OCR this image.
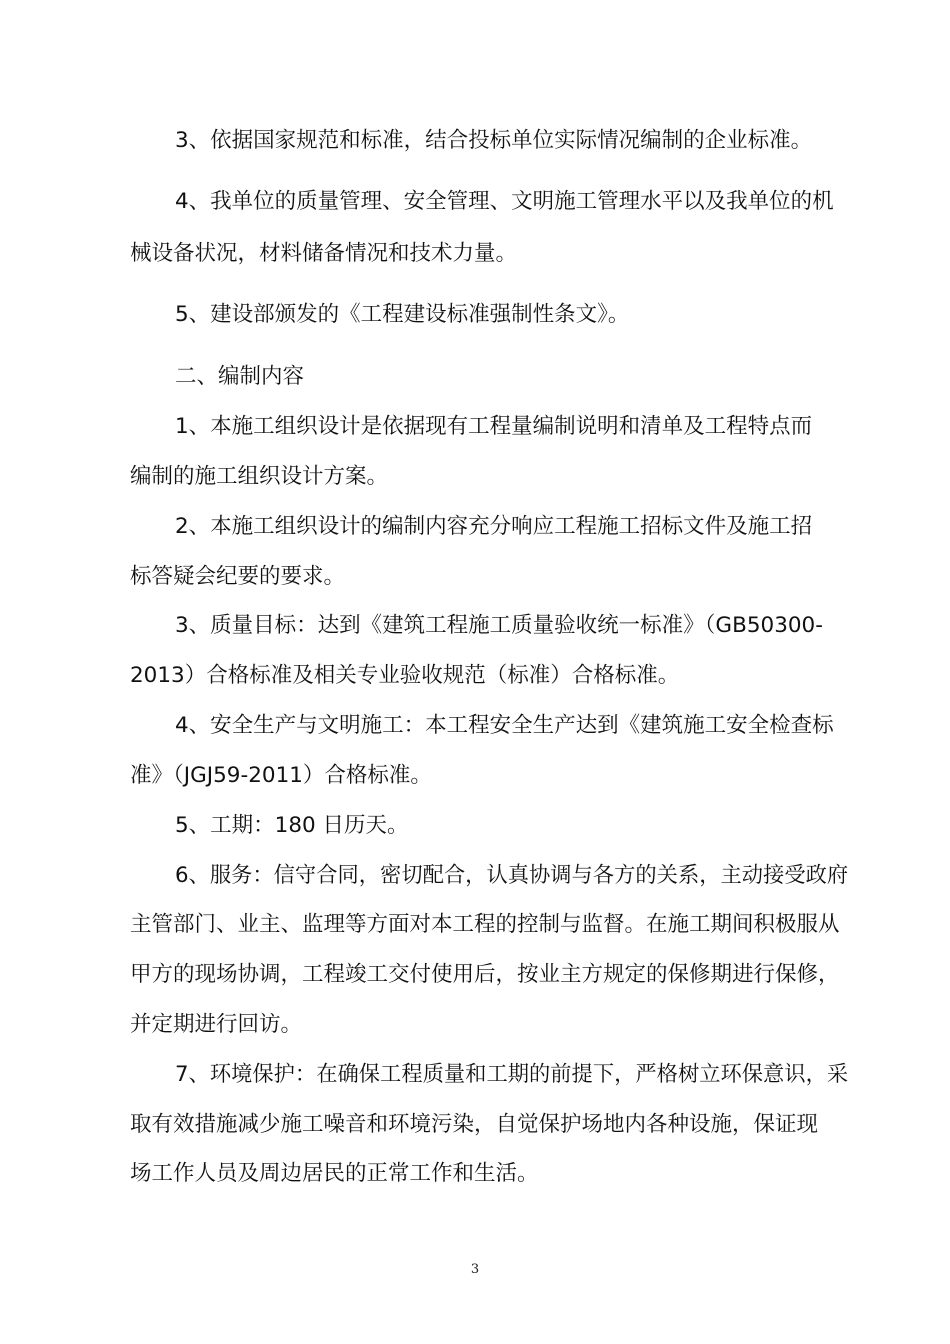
3、依据国家规范和标准，结合投标单位实际情况编制的企业标准。
4、我单位的质量管理、安全管理、文明施工管理水平以及我单位的机
械设备状况，材料储备情况和技术力量。
5、建设部颁发的《工程建设标准强制性条文》。
二、编制内容
1、本施工组织设计是依据现有工程量编制说明和清单及工程特点而
编制的施工组织设计方案。
2、本施工组织设计的编制内容充分响应工程施工招标文件及施工招
标答疑会纪要的要求。
3、质量目标：达到《建筑工程施工质量验收统一标准》（GB50300-
2013）合格标准及相关专业验收规范（标准）合格标准。
4、安全生产与文明施工：本工程安全生产达到《建筑施工安全检查标
准》（JGJ59-2011）合格标准。
5、工期：180 日历天。
6、服务：信守合同，密切配合，认真协调与各方的关系，主动接受政府
主管部门、业主、监理等方面对本工程的控制与监督。在施工期间积极服从
甲方的现场协调，工程竣工交付使用后，按业主方规定的保修期进行保修，
并定期进行回访。
7、环境保护：在确保工程质量和工期的前提下，严格树立环保意识，采
取有效措施减少施工噪音和环境污染，自觉保护场地内各种设施，保证现
场工作人员及周边居民的正常工作和生活。
3
